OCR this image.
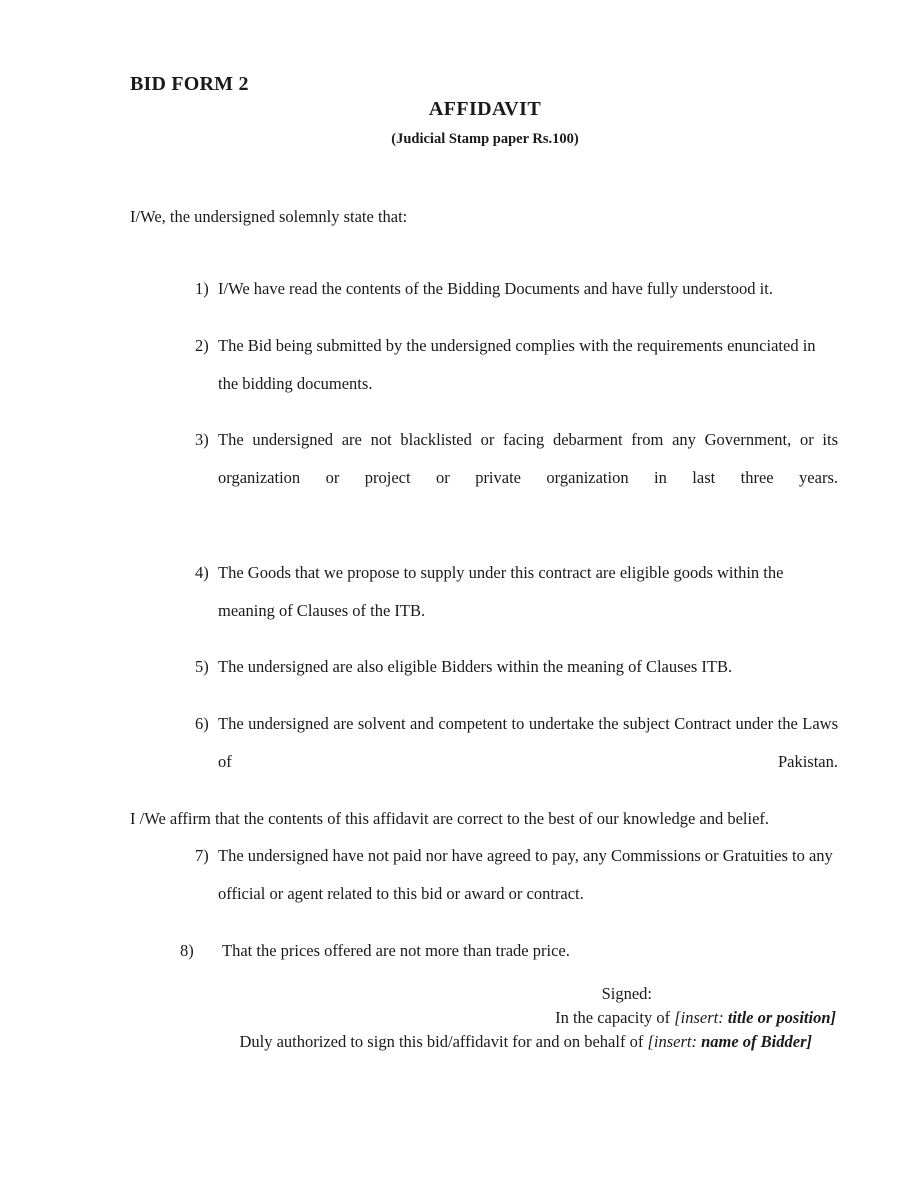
BID FORM 2
AFFIDAVIT
(Judicial Stamp paper Rs.100)
I/We, the undersigned solemnly state that:
1) I/We have read the contents of the Bidding Documents and have fully understood it.
2) The Bid being submitted by the undersigned complies with the requirements enunciated in the bidding documents.
3) The undersigned are not blacklisted or facing debarment from any Government, or its organization or project or private organization in last three years.
4) The Goods that we propose to supply under this contract are eligible goods within the meaning of Clauses of the ITB.
5) The undersigned are also eligible Bidders within the meaning of Clauses ITB.
6) The undersigned are solvent and competent to undertake the subject Contract under the Laws of Pakistan.
7) The undersigned have not paid nor have agreed to pay, any Commissions or Gratuities to any official or agent related to this bid or award or contract.
8)	That the prices offered are not more than trade price.
I /We affirm that the contents of this affidavit are correct to the best of our knowledge and belief.
Signed:
In the capacity of [insert: title or position]
Duly authorized to sign this bid/affidavit for and on behalf of [insert: name of Bidder]
